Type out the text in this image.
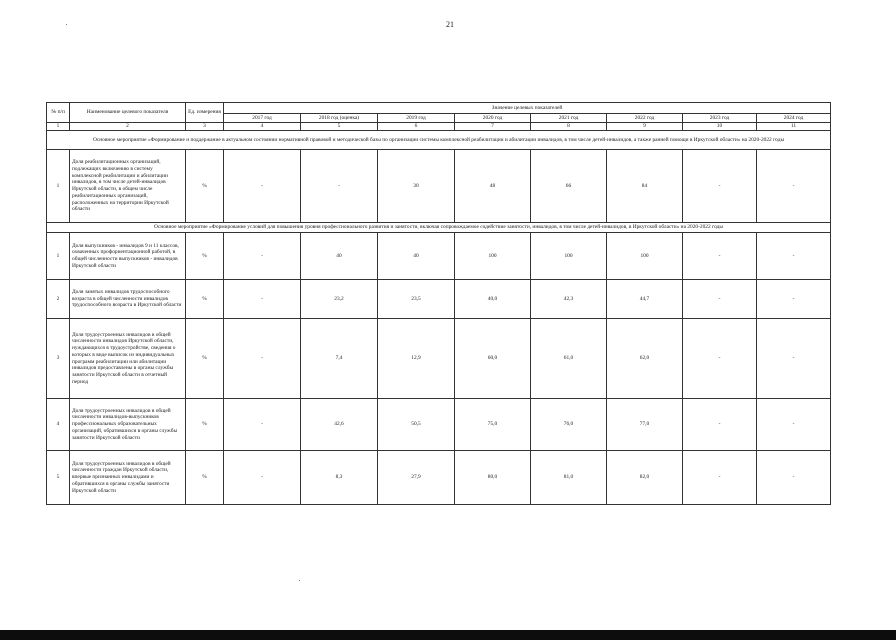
21
№ п/п	Наименование целевого показателя	Ед. измерения	Значение целевых показателей							
			2017 год	2018 год (оценка)	2019 год	2020 год	2021 год	2022 год	2023 год	2024 год
1	2	3	4	5	6	7	8	9	10	11
Основное мероприятие «Формирование и поддержание в актуальном состоянии нормативной правовой и методической базы по организации системы комплексной реабилитации и абилитации инвалидов, в том числе детей-инвалидов, а также ранней помощи в Иркутской области» на 2020-2022 годы										
1	Доля реабилитационных организаций, подлежащих включению в систему комплексной реабилитации и абилитации инвалидов, в том числе детей-инвалидов Иркутской области, в общем числе реабилитационных организаций, расположенных на территории Иркутской области	%	-	-	30	48	66	84	-	-
Основное мероприятие «Формирование условий для повышения уровня профессионального развития и занятости, включая сопровождаемое содействие занятости, инвалидов, в том числе детей-инвалидов, в Иркутской области» на 2020-2022 годы										
1	Доля выпускников - инвалидов 9 и 11 классов, охваченных профориентационной работой, в общей численности выпускников - инвалидов Иркутской области	%	-	40	40	100	100	100	-	-
2	Доля занятых инвалидов трудоспособного возраста в общей численности инвалидов трудоспособного возраста в Иркутской области	%	-	23,2	23,5	40,0	42,3	44,7	-	-
3	Доля трудоустроенных инвалидов в общей численности инвалидов Иркутской области, нуждающихся в трудоустройстве, сведения о которых в виде выписок из индивидуальных программ реабилитации или абилитации инвалидов предоставлены в органы службы занятости Иркутской области в отчетный период	%	-	7,4	12,9	60,0	61,0	62,0	-	-
4	Доля трудоустроенных инвалидов в общей численности инвалидов-выпускников профессиональных образовательных организаций, обратившихся в органы службы занятости Иркутской области	%	-	42,6	50,5	75,0	76,0	77,0	-	-
5	Доля трудоустроенных инвалидов в общей численности граждан Иркутской области, впервые признанных инвалидами и обратившихся в органы службы занятости Иркутской области	%	-	8,3	27,9	80,0	81,0	82,0	-	-
